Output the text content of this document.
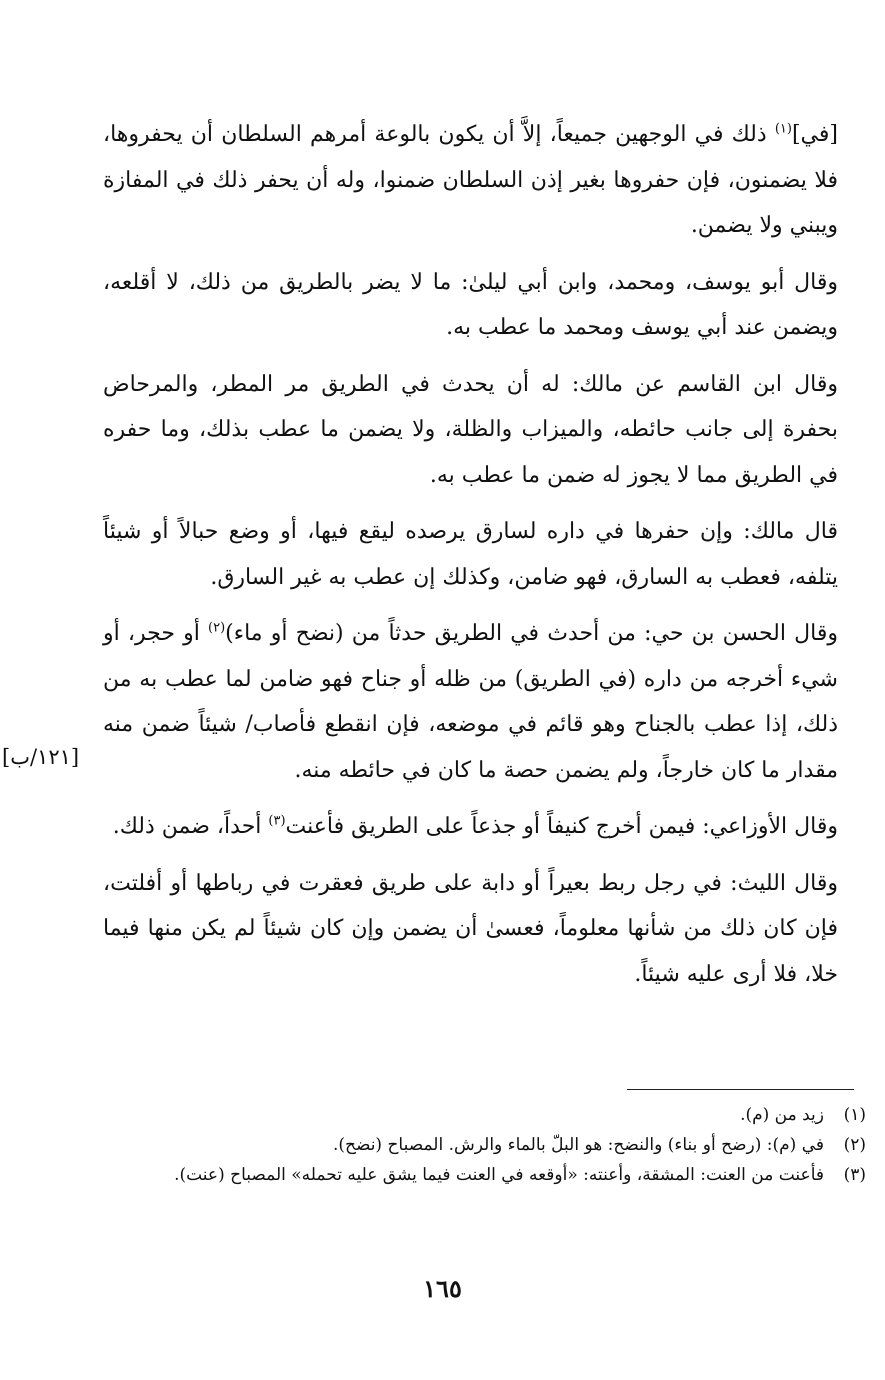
[في]$^{(١)}$ ذلك في الوجهين جميعاً، إلاَّ أن يكون بالوعة أمرهم السلطان أن يحفروها، فلا يضمنون، فإن حفروها بغير إذن السلطان ضمنوا، وله أن يحفر ذلك في المفازة ويبني ولا يضمن.

وقال أبو يوسف، ومحمد، وابن أبي ليلىٰ: ما لا يضر بالطريق من ذلك، لا أقلعه، ويضمن عند أبي يوسف ومحمد ما عطب به.

وقال ابن القاسم عن مالك: له أن يحدث في الطريق مر المطر، والمرحاض بحفرة إلى جانب حائطه، والميزاب والظلة، ولا يضمن ما عطب بذلك، وما حفره في الطريق مما لا يجوز له ضمن ما عطب به.

قال مالك: وإن حفرها في داره لسارق يرصده ليقع فيها، أو وضع حبالاً أو شيئاً يتلفه، فعطب به السارق، فهو ضامن، وكذلك إن عطب به غير السارق.

وقال الحسن بن حي: من أحدث في الطريق حدثاً من (نضح أو ماء)$^{(٢)}$ أو حجر، أو شيء أخرجه من داره (في الطريق) من ظله أو جناح فهو ضامن لما عطب به من ذلك، إذا عطب بالجناح وهو قائم في موضعه، فإن انقطع فأصاب/ شيئاً ضمن منه مقدار ما كان خارجاً، ولم يضمن حصة ما كان في حائطه منه.

وقال الأوزاعي: فيمن أخرج كنيفاً أو جذعاً على الطريق فأعنت$^{(٣)}$ أحداً، ضمن ذلك.

وقال الليث: في رجل ربط بعيراً أو دابة على طريق فعقرت في رباطها أو أفلتت، فإن كان ذلك من شأنها معلوماً، فعسىٰ أن يضمن وإن كان شيئاً لم يكن منها فيما خلا، فلا أرى عليه شيئاً.

[١٢١/ب]
(١)
زيد من (م).
(٢)
في (م): (رضح أو بناء) والنضح: هو البلّ بالماء والرش. المصباح (نضح).
(٣)
فأعنت من العنت: المشقة، وأعنته: «أوقعه في العنت فيما يشق عليه تحمله» المصباح (عنت).
١٦٥
